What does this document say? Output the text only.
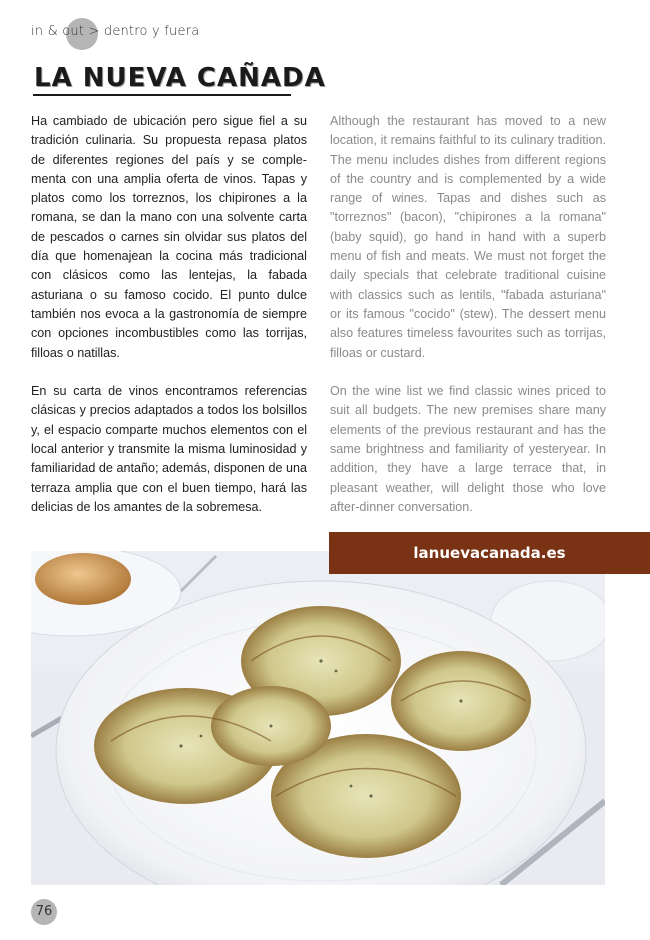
in & out > dentro y fuera
LA NUEVA CAÑADA

Ha cambiado de ubicación pero sigue fiel a su tradición culinaria. Su propuesta repasa platos de diferentes regiones del país y se complementa con una amplia oferta de vinos. Tapas y platos como los torreznos, los chipirones a la romana, se dan la mano con una solvente carta de pescados o carnes sin olvidar sus platos del día que homenajean la cocina más tradicional con clásicos como las lentejas, la fabada asturiana o su famoso cocido. El punto dulce también nos evoca a la gastronomía de siempre con opciones incombustibles como las torrijas, filloas o natillas.

En su carta de vinos encontramos referencias clásicas y precios adaptados a todos los bolsillos y, el espacio comparte muchos elementos con el local anterior y transmite la misma luminosidad y familiaridad de antaño; además, disponen de una terraza amplia que con el buen tiempo, hará las delicias de los amantes de la sobremesa.

Although the restaurant has moved to a new location, it remains faithful to its culinary tradition. The menu includes dishes from different regions of the country and is complemented by a wide range of wines. Tapas and dishes such as "torreznos" (bacon), "chipirones a la romana" (baby squid), go hand in hand with a superb menu of fish and meats. We must not forget the daily specials that celebrate traditional cuisine with classics such as lentils, "fabada asturiana" or its famous "cocido" (stew). The dessert menu also features timeless favourites such as torrijas, filloas or custard.

On the wine list we find classic wines priced to suit all budgets. The new premises share many elements of the previous restaurant and has the same brightness and familiarity of yesteryear. In addition, they have a large terrace that, in pleasant weather, will delight those who love after-dinner conversation.

lanuevacanada.es
76
